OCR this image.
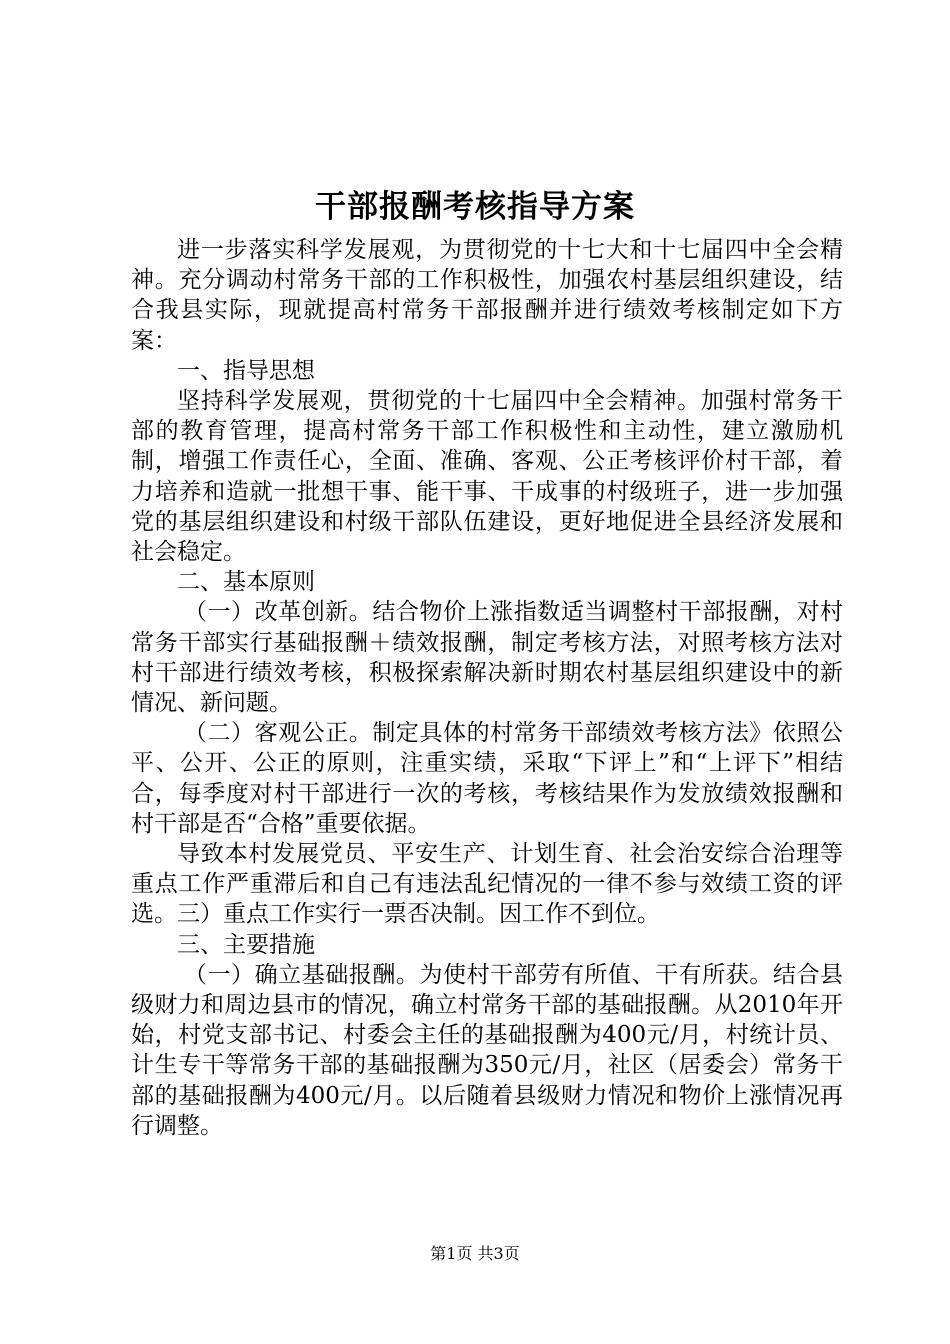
干部报酬考核指导方案

进一步落实科学发展观，为贯彻党的十七大和十七届四中全会精神。充分调动村常务干部的工作积极性，加强农村基层组织建设，结合我县实际，现就提高村常务干部报酬并进行绩效考核制定如下方案：

一、指导思想

坚持科学发展观，贯彻党的十七届四中全会精神。加强村常务干部的教育管理，提高村常务干部工作积极性和主动性，建立激励机制，增强工作责任心，全面、准确、客观、公正考核评价村干部，着力培养和造就一批想干事、能干事、干成事的村级班子，进一步加强党的基层组织建设和村级干部队伍建设，更好地促进全县经济发展和社会稳定。

二、基本原则

（一）改革创新。结合物价上涨指数适当调整村干部报酬，对村常务干部实行基础报酬＋绩效报酬，制定考核方法，对照考核方法对村干部进行绩效考核，积极探索解决新时期农村基层组织建设中的新情况、新问题。

（二）客观公正。制定具体的村常务干部绩效考核方法》依照公平、公开、公正的原则，注重实绩，采取“下评上”和“上评下”相结合，每季度对村干部进行一次的考核，考核结果作为发放绩效报酬和村干部是否“合格”重要依据。

导致本村发展党员、平安生产、计划生育、社会治安综合治理等重点工作严重滞后和自己有违法乱纪情况的一律不参与效绩工资的评选。三）重点工作实行一票否决制。因工作不到位。

三、主要措施

（一）确立基础报酬。为使村干部劳有所值、干有所获。结合县级财力和周边县市的情况，确立村常务干部的基础报酬。从2010年开始，村党支部书记、村委会主任的基础报酬为400元/月，村统计员、计生专干等常务干部的基础报酬为350元/月，社区（居委会）常务干部的基础报酬为400元/月。以后随着县级财力情况和物价上涨情况再行调整。

第1页 共3页
